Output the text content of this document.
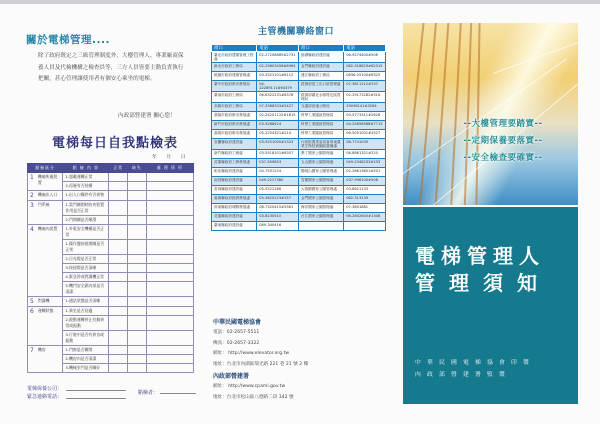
關於電梯管理....

除了政府既定之三級管理制度外，大樓管理人、專業廠商保養人員及代檢機構之檢查員等，三方人員皆要主動負責執行把關，甚心管理讓使用者有個安心乘坐的電梯。

內政部營建署 關心您！
電梯每日自我點檢表
年 月 日
點檢區分		點 檢 內 容	正常	缺失	處 理 情 形
1	機廂所處裝置	1.超載運轉正常			
		2.再層有否持續			
2	機廂出入口	1.出入口構件有否異物			
3	門系統	1.當門關閉時防夾裝置作用是否正常			
		2.門開關是否順滑			
4	機廂內裝置	1.外電安全機構是否正常			
		1.操作盤按鈕開關是否正常			
		2.日光燈是否正常			
		3.按鈕燈是否清晰			
		4.緊急鈴或對講機正常			
		5.機門安全鎖內部是否清潔			
5	對講機	1.通話狀態是否清晰			
6	運轉狀態	1.乘坐是否舒適			
		2.啟動運轉停止有無異常或振動			
		3.行進中是否有異音或振動			
7	機房	1.門窗是否關閉			
		2.機房內是否清潔			
		3.機械室門是否關好			
電梯保養公司：
緊急連絡電話：
點檢者：
主管機關聯絡窗口
窗口	電話	窗口	電話
臺北市政府建築管理工程處	02-27208889#2731	澎湖縣政府建設處	06-9274400#506
新北市政府工務局	02-29603456#8964	金門縣政府建設處	082-318823#62315
桃園市政府建築管理處	03-3322101#6112	連江縣政府工務局	0836-25100#6325
臺中市政府都市發展局	04-22289111#64379	經濟部加工出口區管理處	07-3611212#237
臺南市政府工務局	06-6322231#6378	經濟部臺北水源特定區管理局	02-29173282#316
高雄市政府工務局	07-3368333#2427	交通部高速公路局	29096141#3264
基隆市政府都市發展處	02-24201122#1815	科學工業園區管理局	03-5773311#2628
新竹市政府都市發展處	03-5268424	科學工業園區管理局	04-25658588#7715
嘉義市政府都市發展處	05-2254321#214	科學工業園區管理局	06-5051001#2527
宜蘭縣政府建設處	03-9251000#1323	行政院農業委員會屏東農業生物技術園區籌備處	08-7741039
新竹縣政府工務處	03-5518101#6357	墾丁國家公園管理處	08-8861321#220
苗栗縣政府工務發展處	037-559853	玉山國家公園管理處	049-2348233#233
彰化縣政府建設處	04-7531224	陽明山國家公園管理處	02-28613601#501
南投縣政府建設處	049-2227380	雪霸國家公園管理處	037-996100#508
雲林縣政府建設處	05-5522186	太魯閣國家公園管理處	03-8621133
嘉義縣政府經濟發展處	05-3620123#157	金門國家公園管理處	082-313139
屏東縣政府城鄉發展處	08-7320415#3361	海洋國家公園管理處	07-3601881
花蓮縣政府建設處	03-8230510	台江國家公園管理處	06-2842600#1308
臺東縣政府建設處	089-340416		
中華民國電梯協會
電話：02-2657-5511
傳真：02-2657-3322
網址： http://www.elevator.org.tw
地址：台北市內湖區瑞光路 221 巷 21 號 2 樓
內政部營建署
網址： http://www.cpami.gov.tw
地址：台北市松山區八德路二段 342 號
--大樓管理要踏實--
--定期保養要落實--
--安全檢查要確實--
電梯管理人
管理須知
中華民國電梯協會印製
內政部營建署監製
